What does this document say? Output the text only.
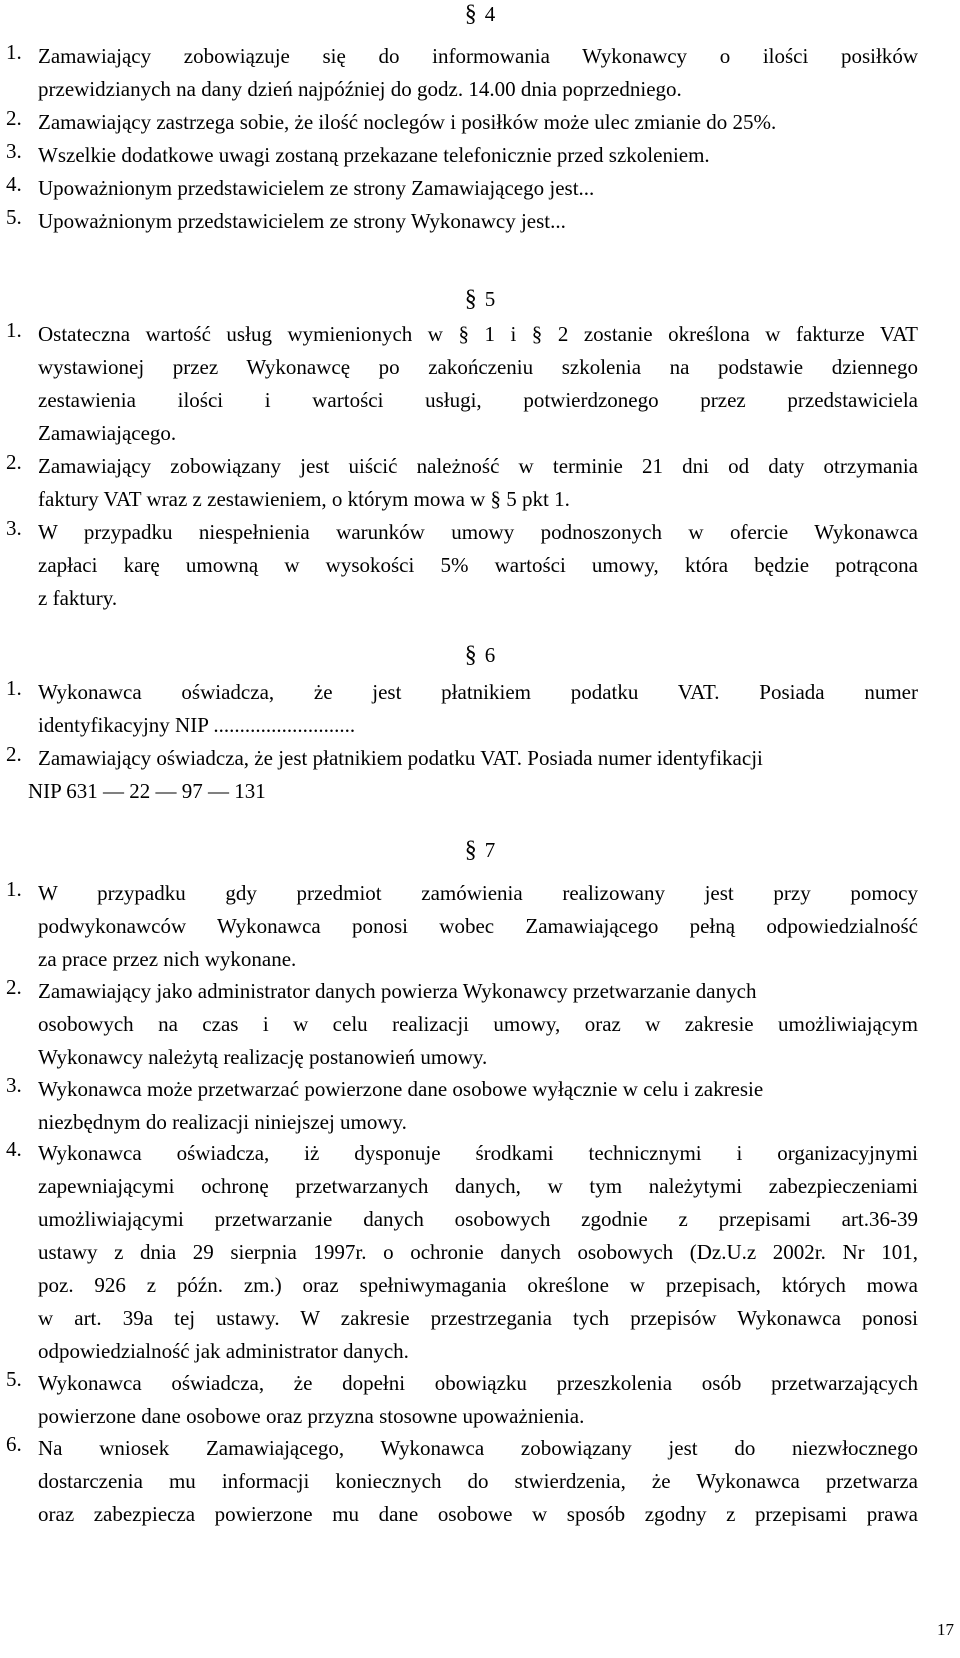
§ 4
1. Zamawiający zobowiązuje się do informowania Wykonawcy o ilości posiłków
przewidzianych na dany dzień najpóźniej do godz. 14.00 dnia poprzedniego.
2. Zamawiający zastrzega sobie, że ilość noclegów i posiłków może ulec zmianie do 25%.
3. Wszelkie dodatkowe uwagi zostaną przekazane telefonicznie przed szkoleniem.
4. Upoważnionym przedstawicielem ze strony Zamawiającego jest...
5. Upoważnionym przedstawicielem ze strony Wykonawcy jest...
§ 5
1. Ostateczna wartość usług wymienionych w § 1 i § 2 zostanie określona w fakturze VAT
wystawionej przez Wykonawcę po zakończeniu szkolenia na podstawie dziennego
zestawienia ilości i wartości usługi, potwierdzonego przez przedstawiciela
Zamawiającego.
2. Zamawiający zobowiązany jest uiścić należność w terminie 21 dni od daty otrzymania
faktury VAT wraz z zestawieniem, o którym mowa w § 5 pkt 1.
3. W przypadku niespełnienia warunków umowy podnoszonych w ofercie Wykonawca
zapłaci karę umowną w wysokości 5% wartości umowy, która będzie potrącona
z faktury.
§ 6
1. Wykonawca oświadcza, że jest płatnikiem podatku VAT. Posiada numer
identyfikacyjny NIP ...........................
2. Zamawiający oświadcza, że jest płatnikiem podatku VAT. Posiada numer identyfikacji
NIP 631 — 22 — 97 — 131
§ 7
1. W przypadku gdy przedmiot zamówienia realizowany jest przy pomocy
podwykonawców Wykonawca ponosi wobec Zamawiającego pełną odpowiedzialność
za prace przez nich wykonane.
2. Zamawiający jako administrator danych powierza Wykonawcy przetwarzanie danych
osobowych na czas i w celu realizacji umowy, oraz w zakresie umożliwiającym
Wykonawcy należytą realizację postanowień umowy.
3. Wykonawca może przetwarzać powierzone dane osobowe wyłącznie w celu i zakresie
niezbędnym do realizacji niniejszej umowy.
4. Wykonawca oświadcza, iż dysponuje środkami technicznymi i organizacyjnymi
zapewniającymi ochronę przetwarzanych danych, w tym należytymi zabezpieczeniami
umożliwiającymi przetwarzanie danych osobowych zgodnie z przepisami art.36-39
ustawy z dnia 29 sierpnia 1997r. o ochronie danych osobowych (Dz.U.z 2002r. Nr 101,
poz. 926 z późn. zm.) oraz spełniwymagania określone w przepisach, których mowa
w art. 39a tej ustawy. W zakresie przestrzegania tych przepisów Wykonawca ponosi
odpowiedzialność jak administrator danych.
5. Wykonawca oświadcza, że dopełni obowiązku przeszkolenia osób przetwarzających
powierzone dane osobowe oraz przyzna stosowne upoważnienia.
6. Na wniosek Zamawiającego, Wykonawca zobowiązany jest do niezwłocznego
dostarczenia mu informacji koniecznych do stwierdzenia, że Wykonawca przetwarza
oraz zabezpiecza powierzone mu dane osobowe w sposób zgodny z przepisami prawa
17
